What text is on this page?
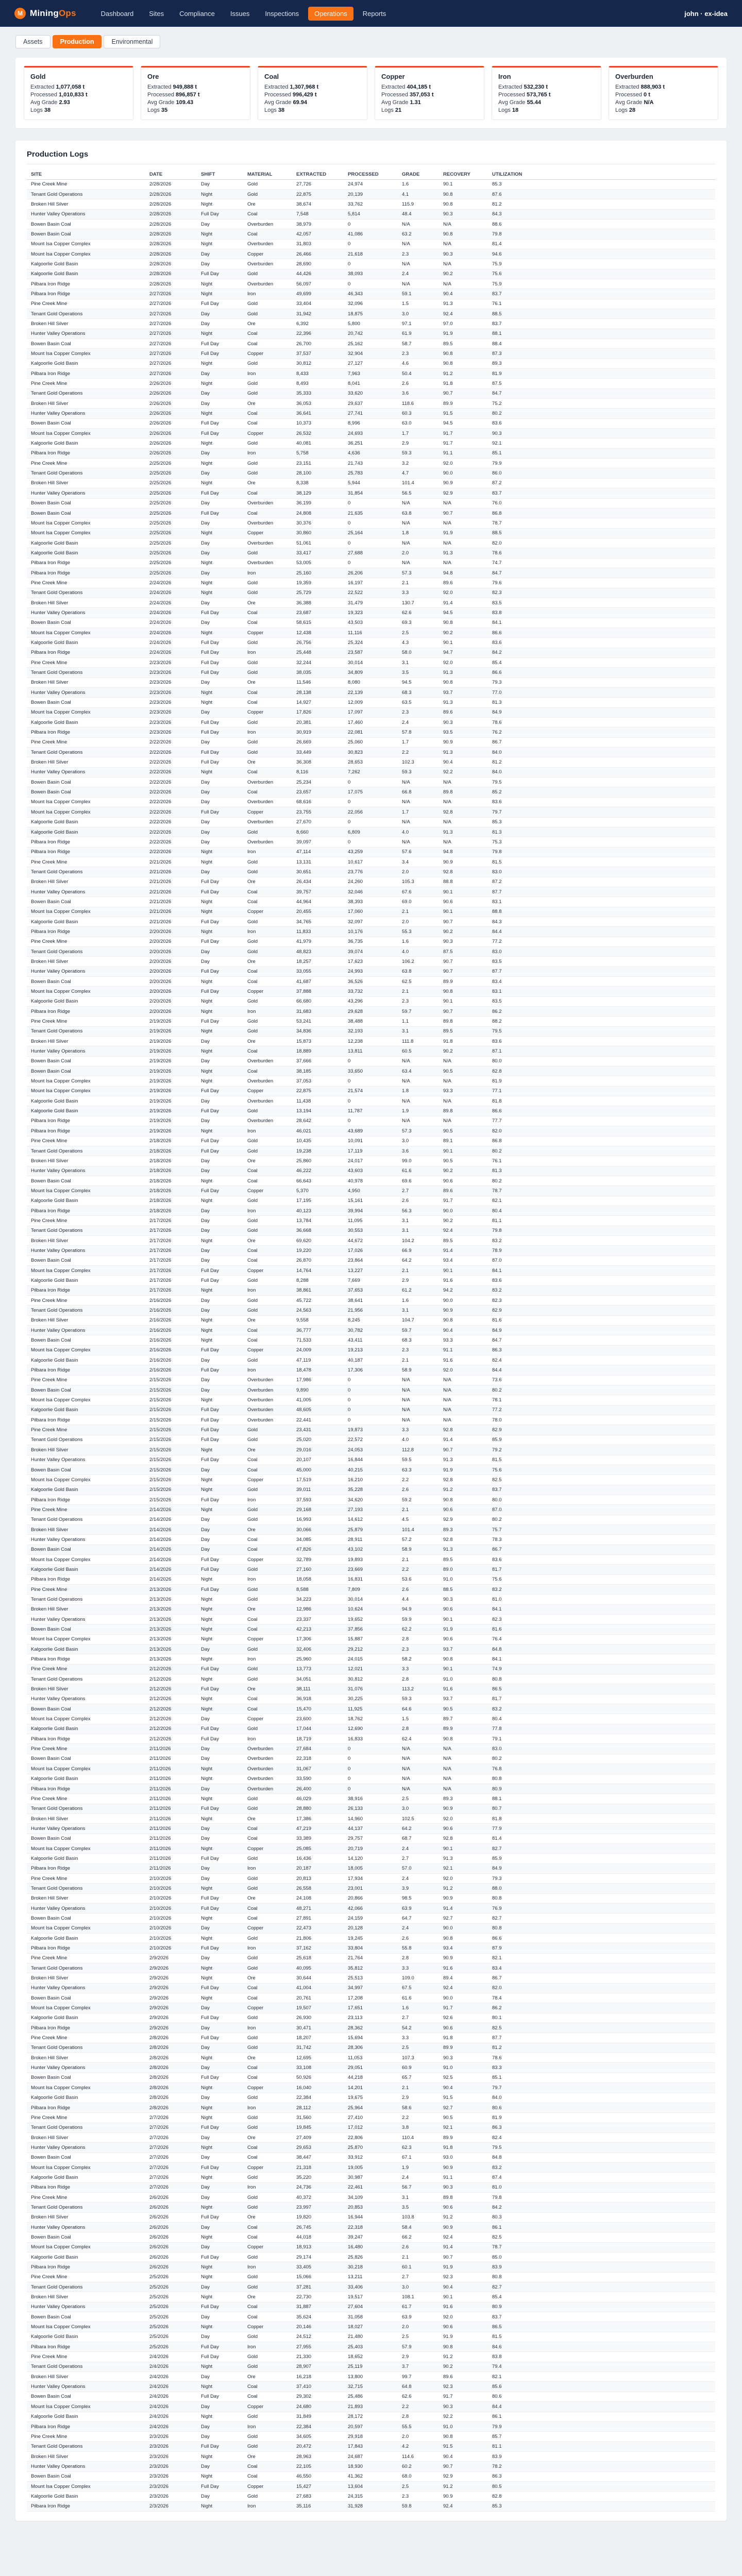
M MiningOps	Dashboard	Sites	Compliance	Issues	Inspections	Operations	Reports	john · ex-idea
Assets	Production	Environmental
Gold
Extracted 1,077,058 t
Processed 1,010,833 t
Avg Grade 2.93
Logs 38
Ore
Extracted 949,888 t
Processed 896,857 t
Avg Grade 109.43
Logs 35
Coal
Extracted 1,307,968 t
Processed 996,429 t
Avg Grade 69.94
Logs 38
Copper
Extracted 404,185 t
Processed 357,053 t
Avg Grade 1.31
Logs 21
Iron
Extracted 532,230 t
Processed 573,765 t
Avg Grade 55.44
Logs 18
Overburden
Extracted 888,903 t
Processed 0 t
Avg Grade N/A
Logs 28
Production Logs
SITE	DATE	SHIFT	MATERIAL	EXTRACTED	PROCESSED	GRADE	RECOVERY	UTILIZATION
Pine Creek Mine	2/28/2026	Day	Gold	27,726	24,974	1.6	90.1	85.3
Tenant Gold Operations	2/28/2026	Night	Gold	22,875	20,139	4.1	90.8	87.6
Broken Hill Silver	2/28/2026	Night	Ore	38,674	33,762	115.9	90.8	81.2
Hunter Valley Operations	2/28/2026	Full Day	Coal	7,548	5,814	48.4	90.3	84.3
Bowen Basin Coal	2/28/2026	Day	Overburden	38,979	0	N/A	N/A	88.6
Bowen Basin Coal	2/28/2026	Night	Coal	42,057	41,086	63.2	90.8	79.8
Mount Isa Copper Complex	2/28/2026	Night	Overburden	31,803	0	N/A	N/A	81.4
Mount Isa Copper Complex	2/28/2026	Day	Copper	26,466	21,618	2.3	90.3	94.6
Kalgoorlie Gold Basin	2/28/2026	Day	Overburden	28,690	0	N/A	N/A	75.9
Kalgoorlie Gold Basin	2/28/2026	Full Day	Gold	44,426	38,093	2.4	90.2	75.6
Pilbara Iron Ridge	2/28/2026	Night	Overburden	56,097	0	N/A	N/A	75.9
Pilbara Iron Ridge	2/27/2026	Night	Iron	49,699	46,343	59.1	90.4	83.7
Pine Creek Mine	2/27/2026	Full Day	Gold	33,404	32,096	1.5	91.3	76.1
Tenant Gold Operations	2/27/2026	Day	Gold	31,942	18,875	3.0	92.4	88.5
Broken Hill Silver	2/27/2026	Day	Ore	6,392	5,800	97.1	97.0	83.7
Hunter Valley Operations	2/27/2026	Night	Coal	22,396	20,742	61.9	91.9	88.1
Bowen Basin Coal	2/27/2026	Full Day	Coal	26,700	25,162	58.7	89.5	88.4
Mount Isa Copper Complex	2/27/2026	Full Day	Copper	37,537	32,904	2.3	90.8	87.3
Kalgoorlie Gold Basin	2/27/2026	Night	Gold	30,812	27,127	4.6	90.8	89.3
Pilbara Iron Ridge	2/27/2026	Day	Iron	8,433	7,963	50.4	91.2	81.9
Pine Creek Mine	2/26/2026	Night	Gold	8,493	8,041	2.6	91.8	87.5
Tenant Gold Operations	2/26/2026	Day	Gold	35,333	33,620	3.6	90.7	84.7
Broken Hill Silver	2/26/2026	Day	Ore	36,053	29,637	118.6	89.9	75.2
Hunter Valley Operations	2/26/2026	Night	Coal	36,641	27,741	60.3	91.5	80.2
Bowen Basin Coal	2/26/2026	Full Day	Coal	10,373	8,996	63.0	94.5	83.6
Mount Isa Copper Complex	2/26/2026	Full Day	Copper	26,532	24,693	1.7	91.7	90.3
Kalgoorlie Gold Basin	2/26/2026	Night	Gold	40,081	36,251	2.9	91.7	92.1
Pilbara Iron Ridge	2/26/2026	Day	Iron	5,758	4,636	59.3	91.1	85.1
Pine Creek Mine	2/25/2026	Night	Gold	23,151	21,743	3.2	92.0	79.9
Tenant Gold Operations	2/25/2026	Day	Gold	28,100	25,783	4.7	90.0	86.0
Broken Hill Silver	2/25/2026	Night	Ore	8,338	5,944	101.4	90.9	87.2
Hunter Valley Operations	2/25/2026	Full Day	Coal	38,129	31,854	56.5	92.9	83.7
Bowen Basin Coal	2/25/2026	Day	Overburden	36,199	0	N/A	N/A	76.0
Bowen Basin Coal	2/25/2026	Full Day	Coal	24,808	21,635	63.8	90.7	86.8
Mount Isa Copper Complex	2/25/2026	Day	Overburden	30,376	0	N/A	N/A	78.7
Mount Isa Copper Complex	2/25/2026	Night	Copper	30,860	25,164	1.8	91.9	88.5
Kalgoorlie Gold Basin	2/25/2026	Day	Overburden	51,061	0	N/A	N/A	82.0
Kalgoorlie Gold Basin	2/25/2026	Day	Gold	33,417	27,688	2.0	91.3	78.6
Pilbara Iron Ridge	2/25/2026	Night	Overburden	53,005	0	N/A	N/A	74.7
Pilbara Iron Ridge	2/25/2026	Day	Iron	25,160	26,206	57.3	94.8	84.7
Pine Creek Mine	2/24/2026	Night	Gold	19,359	16,197	2.1	89.6	79.6
Tenant Gold Operations	2/24/2026	Night	Gold	25,729	22,522	3.3	92.0	82.3
Broken Hill Silver	2/24/2026	Day	Ore	36,388	31,479	130.7	91.4	83.5
Hunter Valley Operations	2/24/2026	Full Day	Coal	23,687	19,323	62.6	94.5	83.8
Bowen Basin Coal	2/24/2026	Day	Coal	58,615	43,503	69.3	90.8	84.1
Mount Isa Copper Complex	2/24/2026	Night	Copper	12,438	11,116	2.5	90.2	86.6
Kalgoorlie Gold Basin	2/24/2026	Full Day	Gold	26,756	25,324	4.3	90.1	83.6
Pilbara Iron Ridge	2/24/2026	Full Day	Iron	25,448	23,587	58.0	94.7	84.2
Pine Creek Mine	2/23/2026	Full Day	Gold	32,244	30,014	3.1	92.0	85.4
Tenant Gold Operations	2/23/2026	Full Day	Gold	38,035	34,809	3.5	91.3	86.6
Broken Hill Silver	2/23/2026	Day	Ore	11,546	8,080	94.5	90.8	79.3
Hunter Valley Operations	2/23/2026	Night	Coal	28,138	22,139	68.3	93.7	77.0
Bowen Basin Coal	2/23/2026	Night	Coal	14,927	12,009	63.5	91.3	81.3
Mount Isa Copper Complex	2/23/2026	Day	Copper	17,826	17,097	2.3	89.6	84.9
Kalgoorlie Gold Basin	2/23/2026	Full Day	Gold	20,381	17,460	2.4	90.3	78.6
Pilbara Iron Ridge	2/23/2026	Full Day	Iron	30,919	22,081	57.8	93.5	76.2
Pine Creek Mine	2/22/2026	Day	Gold	26,669	25,060	1.7	90.9	86.7
Tenant Gold Operations	2/22/2026	Full Day	Gold	33,449	30,823	2.2	91.3	84.0
Broken Hill Silver	2/22/2026	Full Day	Ore	36,308	28,653	102.3	90.4	81.2
Hunter Valley Operations	2/22/2026	Night	Coal	8,116	7,262	59.3	92.2	84.0
Bowen Basin Coal	2/22/2026	Day	Overburden	25,234	0	N/A	N/A	79.5
Bowen Basin Coal	2/22/2026	Day	Coal	23,657	17,075	66.8	89.8	85.2
Mount Isa Copper Complex	2/22/2026	Day	Overburden	68,616	0	N/A	N/A	83.6
Mount Isa Copper Complex	2/22/2026	Full Day	Copper	23,755	22,056	1.7	92.8	79.7
Kalgoorlie Gold Basin	2/22/2026	Day	Overburden	27,670	0	N/A	N/A	85.3
Kalgoorlie Gold Basin	2/22/2026	Day	Gold	8,660	6,809	4.0	91.3	81.3
Pilbara Iron Ridge	2/22/2026	Day	Overburden	39,097	0	N/A	N/A	75.3
Pilbara Iron Ridge	2/22/2026	Night	Iron	47,114	43,259	57.6	94.8	79.8
Pine Creek Mine	2/21/2026	Night	Gold	13,131	10,617	3.4	90.9	81.5
Tenant Gold Operations	2/21/2026	Day	Gold	30,651	23,776	2.0	92.8	83.0
Broken Hill Silver	2/21/2026	Full Day	Ore	26,434	24,260	105.3	88.8	87.2
Hunter Valley Operations	2/21/2026	Full Day	Coal	39,757	32,046	67.6	90.1	87.7
Bowen Basin Coal	2/21/2026	Night	Coal	44,964	38,393	69.0	90.6	83.1
Mount Isa Copper Complex	2/21/2026	Night	Copper	20,455	17,060	2.1	90.1	88.8
Kalgoorlie Gold Basin	2/21/2026	Full Day	Gold	34,765	32,097	2.0	90.7	84.3
Pilbara Iron Ridge	2/20/2026	Night	Iron	11,833	10,176	55.3	90.2	84.4
Pine Creek Mine	2/20/2026	Full Day	Gold	41,979	36,735	1.6	90.3	77.2
Tenant Gold Operations	2/20/2026	Day	Gold	48,823	39,074	4.0	87.5	83.0
Broken Hill Silver	2/20/2026	Day	Ore	18,257	17,623	106.2	90.7	83.5
Hunter Valley Operations	2/20/2026	Full Day	Coal	33,055	24,993	63.8	90.7	87.7
Bowen Basin Coal	2/20/2026	Night	Coal	41,687	36,526	62.5	89.9	83.4
Mount Isa Copper Complex	2/20/2026	Full Day	Copper	37,888	33,732	2.1	90.8	83.1
Kalgoorlie Gold Basin	2/20/2026	Night	Gold	66,680	43,296	2.3	90.1	83.5
Pilbara Iron Ridge	2/20/2026	Night	Iron	31,683	29,628	59.7	90.7	86.2
Pine Creek Mine	2/19/2026	Full Day	Gold	53,241	38,488	1.1	89.8	88.2
Tenant Gold Operations	2/19/2026	Night	Gold	34,836	32,193	3.1	89.5	79.5
Broken Hill Silver	2/19/2026	Day	Ore	15,873	12,238	111.8	91.8	83.6
Hunter Valley Operations	2/19/2026	Night	Coal	18,889	13,811	60.5	90.2	87.1
Bowen Basin Coal	2/19/2026	Day	Overburden	37,666	0	N/A	N/A	80.0
Bowen Basin Coal	2/19/2026	Night	Coal	38,185	33,650	63.4	90.5	82.8
Mount Isa Copper Complex	2/19/2026	Night	Overburden	37,053	0	N/A	N/A	81.9
Mount Isa Copper Complex	2/19/2026	Full Day	Copper	22,875	21,574	1.8	93.3	77.1
Kalgoorlie Gold Basin	2/19/2026	Day	Overburden	11,438	0	N/A	N/A	81.8
Kalgoorlie Gold Basin	2/19/2026	Full Day	Gold	13,194	11,787	1.9	89.8	86.6
Pilbara Iron Ridge	2/19/2026	Day	Overburden	28,642	0	N/A	N/A	77.7
Pilbara Iron Ridge	2/19/2026	Night	Iron	46,021	43,689	57.3	90.5	82.0
Pine Creek Mine	2/18/2026	Full Day	Gold	10,435	10,091	3.0	89.1	86.8
Tenant Gold Operations	2/18/2026	Full Day	Gold	19,238	17,119	3.6	90.1	80.2
Broken Hill Silver	2/18/2026	Day	Ore	25,860	24,017	99.0	90.5	76.1
Hunter Valley Operations	2/18/2026	Day	Coal	46,222	43,603	61.6	90.2	81.3
Bowen Basin Coal	2/18/2026	Night	Coal	66,643	40,978	69.6	90.6	80.2
Mount Isa Copper Complex	2/18/2026	Full Day	Copper	5,370	4,950	2.7	89.6	78.7
Kalgoorlie Gold Basin	2/18/2026	Night	Gold	17,195	15,161	2.6	91.7	82.1
Pilbara Iron Ridge	2/18/2026	Day	Iron	40,123	39,994	56.3	90.0	80.4
Pine Creek Mine	2/17/2026	Day	Gold	13,784	11,095	3.1	90.2	81.1
Tenant Gold Operations	2/17/2026	Day	Gold	36,668	30,553	3.1	92.4	79.8
Broken Hill Silver	2/17/2026	Night	Ore	69,620	44,672	104.2	89.5	83.2
Hunter Valley Operations	2/17/2026	Day	Coal	19,220	17,026	66.9	91.4	78.9
Bowen Basin Coal	2/17/2026	Day	Coal	26,870	23,864	64.2	93.4	87.0
Mount Isa Copper Complex	2/17/2026	Full Day	Copper	14,764	13,227	2.1	90.1	84.1
Kalgoorlie Gold Basin	2/17/2026	Full Day	Gold	8,288	7,669	2.9	91.6	83.6
Pilbara Iron Ridge	2/17/2026	Night	Iron	38,861	37,653	61.2	94.2	83.2
Pine Creek Mine	2/16/2026	Day	Gold	45,722	38,641	1.6	90.0	82.3
Tenant Gold Operations	2/16/2026	Day	Gold	24,563	21,956	3.1	90.9	82.9
Broken Hill Silver	2/16/2026	Night	Ore	9,558	8,245	104.7	90.8	81.6
Hunter Valley Operations	2/16/2026	Night	Coal	36,777	30,782	59.7	90.4	84.9
Bowen Basin Coal	2/16/2026	Night	Coal	71,533	43,411	68.3	93.3	84.7
Mount Isa Copper Complex	2/16/2026	Full Day	Copper	24,009	19,213	2.3	91.1	86.3
Kalgoorlie Gold Basin	2/16/2026	Day	Gold	47,119	40,187	2.1	91.6	82.4
Pilbara Iron Ridge	2/16/2026	Full Day	Iron	18,478	17,306	58.9	92.0	84.4
Pine Creek Mine	2/15/2026	Day	Overburden	17,986	0	N/A	N/A	73.6
Bowen Basin Coal	2/15/2026	Day	Overburden	9,890	0	N/A	N/A	80.2
Mount Isa Copper Complex	2/15/2026	Night	Overburden	41,005	0	N/A	N/A	78.1
Kalgoorlie Gold Basin	2/15/2026	Full Day	Overburden	48,605	0	N/A	N/A	77.2
Pilbara Iron Ridge	2/15/2026	Full Day	Overburden	22,441	0	N/A	N/A	78.0
Pine Creek Mine	2/15/2026	Full Day	Gold	23,431	19,873	3.3	92.8	82.9
Tenant Gold Operations	2/15/2026	Full Day	Gold	25,020	22,572	4.0	91.4	85.9
Broken Hill Silver	2/15/2026	Night	Ore	29,016	24,053	112.8	90.7	79.2
Hunter Valley Operations	2/15/2026	Full Day	Coal	20,107	16,844	59.5	91.3	81.5
Bowen Basin Coal	2/15/2026	Day	Coal	45,000	40,215	63.3	91.9	75.6
Mount Isa Copper Complex	2/15/2026	Night	Copper	17,519	16,210	2.2	92.8	82.5
Kalgoorlie Gold Basin	2/15/2026	Night	Gold	39,011	35,228	2.6	91.2	83.7
Pilbara Iron Ridge	2/15/2026	Full Day	Iron	37,593	34,620	59.2	90.8	80.0
Pine Creek Mine	2/14/2026	Night	Gold	29,168	27,193	2.1	90.6	87.0
Tenant Gold Operations	2/14/2026	Day	Gold	16,993	14,612	4.5	92.9	80.2
Broken Hill Silver	2/14/2026	Day	Ore	30,066	25,879	101.4	89.3	75.7
Hunter Valley Operations	2/14/2026	Day	Coal	34,085	28,911	57.2	92.8	78.3
Bowen Basin Coal	2/14/2026	Day	Coal	47,826	43,102	58.9	91.3	86.7
Mount Isa Copper Complex	2/14/2026	Full Day	Copper	32,789	19,893	2.1	89.5	83.6
Kalgoorlie Gold Basin	2/14/2026	Full Day	Gold	27,160	23,669	2.2	89.0	81.7
Pilbara Iron Ridge	2/14/2026	Night	Iron	18,058	16,831	53.6	91.0	75.6
Pine Creek Mine	2/13/2026	Full Day	Gold	8,588	7,809	2.6	88.5	83.2
Tenant Gold Operations	2/13/2026	Night	Gold	34,223	30,014	4.4	90.3	81.0
Broken Hill Silver	2/13/2026	Night	Ore	12,986	10,624	94.9	90.6	84.1
Hunter Valley Operations	2/13/2026	Night	Coal	23,337	19,652	59.9	90.1	82.3
Bowen Basin Coal	2/13/2026	Night	Coal	42,213	37,856	62.2	91.9	81.6
Mount Isa Copper Complex	2/13/2026	Night	Copper	17,306	15,887	2.8	90.6	76.4
Kalgoorlie Gold Basin	2/13/2026	Day	Gold	32,406	29,212	2.3	93.7	84.8
Pilbara Iron Ridge	2/13/2026	Night	Iron	25,960	24,015	58.2	90.8	84.1
Pine Creek Mine	2/12/2026	Full Day	Gold	13,773	12,021	3.3	90.1	74.9
Tenant Gold Operations	2/12/2026	Night	Gold	34,051	30,812	2.8	91.0	80.8
Broken Hill Silver	2/12/2026	Full Day	Ore	38,111	31,076	113.2	91.6	86.5
Hunter Valley Operations	2/12/2026	Night	Coal	36,918	30,225	59.3	93.7	81.7
Bowen Basin Coal	2/12/2026	Night	Coal	15,470	11,925	64.6	90.5	83.2
Mount Isa Copper Complex	2/12/2026	Day	Copper	23,600	18,762	1.5	89.7	80.4
Kalgoorlie Gold Basin	2/12/2026	Full Day	Gold	17,044	12,690	2.8	89.9	77.8
Pilbara Iron Ridge	2/12/2026	Full Day	Iron	18,719	16,833	62.4	90.8	79.1
Pine Creek Mine	2/11/2026	Day	Overburden	27,684	0	N/A	N/A	83.0
Bowen Basin Coal	2/11/2026	Day	Overburden	22,318	0	N/A	N/A	80.2
Mount Isa Copper Complex	2/11/2026	Night	Overburden	31,067	0	N/A	N/A	76.8
Kalgoorlie Gold Basin	2/11/2026	Night	Overburden	33,590	0	N/A	N/A	80.8
Pilbara Iron Ridge	2/11/2026	Day	Overburden	26,400	0	N/A	N/A	80.9
Pine Creek Mine	2/11/2026	Night	Gold	46,029	38,916	2.5	89.3	88.1
Tenant Gold Operations	2/11/2026	Full Day	Gold	28,880	26,133	3.0	90.9	80.7
Broken Hill Silver	2/11/2026	Night	Ore	17,386	14,960	102.5	92.0	81.8
Hunter Valley Operations	2/11/2026	Day	Coal	47,219	44,137	64.2	90.6	77.9
Bowen Basin Coal	2/11/2026	Day	Coal	33,389	29,757	68.7	92.8	81.4
Mount Isa Copper Complex	2/11/2026	Night	Copper	25,085	20,719	2.4	90.1	82.7
Kalgoorlie Gold Basin	2/11/2026	Full Day	Gold	16,436	14,120	2.7	91.3	85.9
Pilbara Iron Ridge	2/11/2026	Day	Iron	20,187	18,005	57.0	92.1	84.9
Pine Creek Mine	2/10/2026	Day	Gold	20,813	17,934	2.4	92.0	79.3
Tenant Gold Operations	2/10/2026	Night	Gold	26,558	23,001	3.9	91.2	88.0
Broken Hill Silver	2/10/2026	Full Day	Ore	24,108	20,866	98.5	90.9	80.8
Hunter Valley Operations	2/10/2026	Full Day	Coal	48,271	42,066	63.9	91.4	76.9
Bowen Basin Coal	2/10/2026	Night	Coal	27,891	24,159	64.7	92.7	82.7
Mount Isa Copper Complex	2/10/2026	Day	Copper	22,473	20,128	2.4	90.0	80.8
Kalgoorlie Gold Basin	2/10/2026	Night	Gold	21,806	19,245	2.6	90.8	86.6
Pilbara Iron Ridge	2/10/2026	Full Day	Iron	37,162	33,804	55.8	93.4	87.9
Pine Creek Mine	2/9/2026	Day	Gold	25,618	21,764	2.8	90.9	82.1
Tenant Gold Operations	2/9/2026	Night	Gold	40,095	35,812	3.3	91.6	83.4
Broken Hill Silver	2/9/2026	Night	Ore	30,644	25,513	109.0	89.4	86.7
Hunter Valley Operations	2/9/2026	Full Day	Coal	41,004	34,997	67.5	92.4	82.0
Bowen Basin Coal	2/9/2026	Night	Coal	20,761	17,208	61.6	90.0	78.4
Mount Isa Copper Complex	2/9/2026	Day	Copper	19,507	17,651	1.6	91.7	86.2
Kalgoorlie Gold Basin	2/9/2026	Full Day	Gold	26,930	23,113	2.7	92.6	80.1
Pilbara Iron Ridge	2/9/2026	Day	Iron	30,471	28,362	54.2	90.6	82.5
Pine Creek Mine	2/8/2026	Full Day	Gold	18,207	15,694	3.3	91.8	87.7
Tenant Gold Operations	2/8/2026	Day	Gold	31,742	28,306	2.5	89.9	81.2
Broken Hill Silver	2/8/2026	Night	Ore	12,695	11,053	107.3	90.3	78.6
Hunter Valley Operations	2/8/2026	Day	Coal	33,108	29,051	60.9	91.0	83.3
Bowen Basin Coal	2/8/2026	Full Day	Coal	50,926	44,218	65.7	92.5	85.1
Mount Isa Copper Complex	2/8/2026	Night	Copper	16,040	14,201	2.1	90.4	79.7
Kalgoorlie Gold Basin	2/8/2026	Day	Gold	22,384	19,675	2.9	91.5	84.0
Pilbara Iron Ridge	2/8/2026	Night	Iron	28,112	25,964	58.6	92.7	80.6
Pine Creek Mine	2/7/2026	Night	Gold	31,560	27,410	2.2	90.5	81.9
Tenant Gold Operations	2/7/2026	Full Day	Gold	19,845	17,012	3.8	92.1	86.3
Broken Hill Silver	2/7/2026	Day	Ore	27,409	22,806	110.4	89.9	82.4
Hunter Valley Operations	2/7/2026	Night	Coal	29,653	25,870	62.3	91.8	79.5
Bowen Basin Coal	2/7/2026	Day	Coal	38,447	33,912	67.1	93.0	84.8
Mount Isa Copper Complex	2/7/2026	Full Day	Copper	21,318	19,005	1.9	90.9	83.2
Kalgoorlie Gold Basin	2/7/2026	Night	Gold	35,220	30,987	2.4	91.1	87.4
Pilbara Iron Ridge	2/7/2026	Day	Iron	24,736	22,461	56.7	90.3	81.0
Pine Creek Mine	2/6/2026	Day	Gold	40,372	34,109	3.1	89.8	79.8
Tenant Gold Operations	2/6/2026	Night	Gold	23,997	20,853	3.5	90.6	84.2
Broken Hill Silver	2/6/2026	Full Day	Ore	19,820	16,944	103.8	91.2	80.3
Hunter Valley Operations	2/6/2026	Day	Coal	26,745	22,318	58.4	90.9	86.1
Bowen Basin Coal	2/6/2026	Night	Coal	44,018	39,247	66.2	92.4	82.5
Mount Isa Copper Complex	2/6/2026	Day	Copper	18,913	16,480	2.6	91.4	78.7
Kalgoorlie Gold Basin	2/6/2026	Full Day	Gold	29,174	25,826	2.1	90.7	85.0
Pilbara Iron Ridge	2/6/2026	Night	Iron	33,405	30,218	60.1	91.9	83.9
Pine Creek Mine	2/5/2026	Night	Gold	15,066	13,211	2.7	92.3	80.8
Tenant Gold Operations	2/5/2026	Day	Gold	37,281	33,406	3.0	90.4	82.7
Broken Hill Silver	2/5/2026	Night	Ore	22,730	19,517	108.1	90.1	85.4
Hunter Valley Operations	2/5/2026	Full Day	Coal	31,887	27,604	61.7	91.6	80.9
Bowen Basin Coal	2/5/2026	Day	Coal	35,624	31,058	63.9	92.0	83.7
Mount Isa Copper Complex	2/5/2026	Night	Copper	20,146	18,027	2.0	90.6	86.5
Kalgoorlie Gold Basin	2/5/2026	Day	Gold	24,512	21,480	2.5	91.9	81.5
Pilbara Iron Ridge	2/5/2026	Full Day	Iron	27,955	25,403	57.9	90.8	84.6
Pine Creek Mine	2/4/2026	Full Day	Gold	21,330	18,652	2.9	91.2	83.8
Tenant Gold Operations	2/4/2026	Night	Gold	28,907	25,119	3.7	90.2	79.4
Broken Hill Silver	2/4/2026	Day	Ore	16,218	13,800	99.7	89.6	82.1
Hunter Valley Operations	2/4/2026	Night	Coal	37,410	32,715	64.8	92.3	85.6
Bowen Basin Coal	2/4/2026	Full Day	Coal	29,302	25,486	62.6	91.7	80.6
Mount Isa Copper Complex	2/4/2026	Day	Copper	24,680	21,893	2.2	90.3	84.4
Kalgoorlie Gold Basin	2/4/2026	Night	Gold	31,849	28,172	2.8	92.2	86.1
Pilbara Iron Ridge	2/4/2026	Day	Iron	22,384	20,597	55.5	91.0	79.9
Pine Creek Mine	2/3/2026	Day	Gold	34,605	29,918	2.0	90.8	85.7
Tenant Gold Operations	2/3/2026	Full Day	Gold	20,472	17,843	4.2	91.5	81.1
Broken Hill Silver	2/3/2026	Night	Ore	28,963	24,687	114.6	90.4	83.9
Hunter Valley Operations	2/3/2026	Day	Coal	22,105	18,930	60.2	90.7	78.2
Bowen Basin Coal	2/3/2026	Night	Coal	46,550	41,362	68.0	92.9	86.3
Mount Isa Copper Complex	2/3/2026	Full Day	Copper	15,427	13,604	2.5	91.2	80.5
Kalgoorlie Gold Basin	2/3/2026	Day	Gold	27,683	24,315	2.3	90.9	82.8
Pilbara Iron Ridge	2/3/2026	Night	Iron	35,116	31,928	59.8	92.4	85.3
